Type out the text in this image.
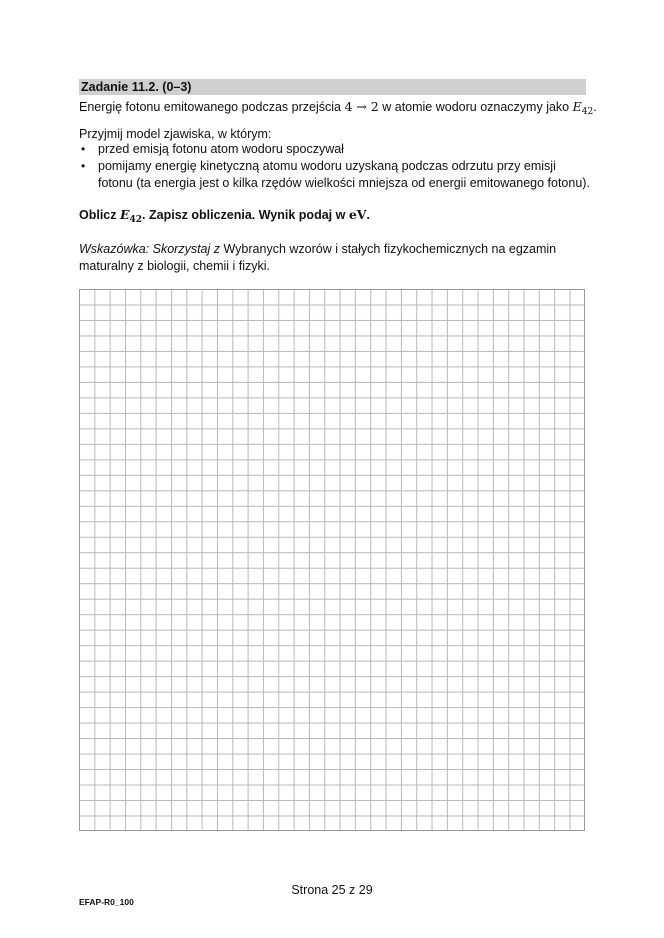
Zadanie 11.2. (0–3)
Energię fotonu emitowanego podczas przejścia 4 → 2 w atomie wodoru oznaczymy jako $E_{42}$.
Przyjmij model zjawiska, w którym:
• przed emisją fotonu atom wodoru spoczywał
• pomijamy energię kinetyczną atomu wodoru uzyskaną podczas odrzutu przy emisji
fotonu (ta energia jest o kilka rzędów wielkości mniejsza od energii emitowanego fotonu).
Oblicz $E_{42}$. Zapisz obliczenia. Wynik podaj w eV.
Wskazówka: Skorzystaj z Wybranych wzorów i stałych fizykochemicznych na egzamin
maturalny z biologii, chemii i fizyki.
Strona 25 z 29
EFAP-R0_100
